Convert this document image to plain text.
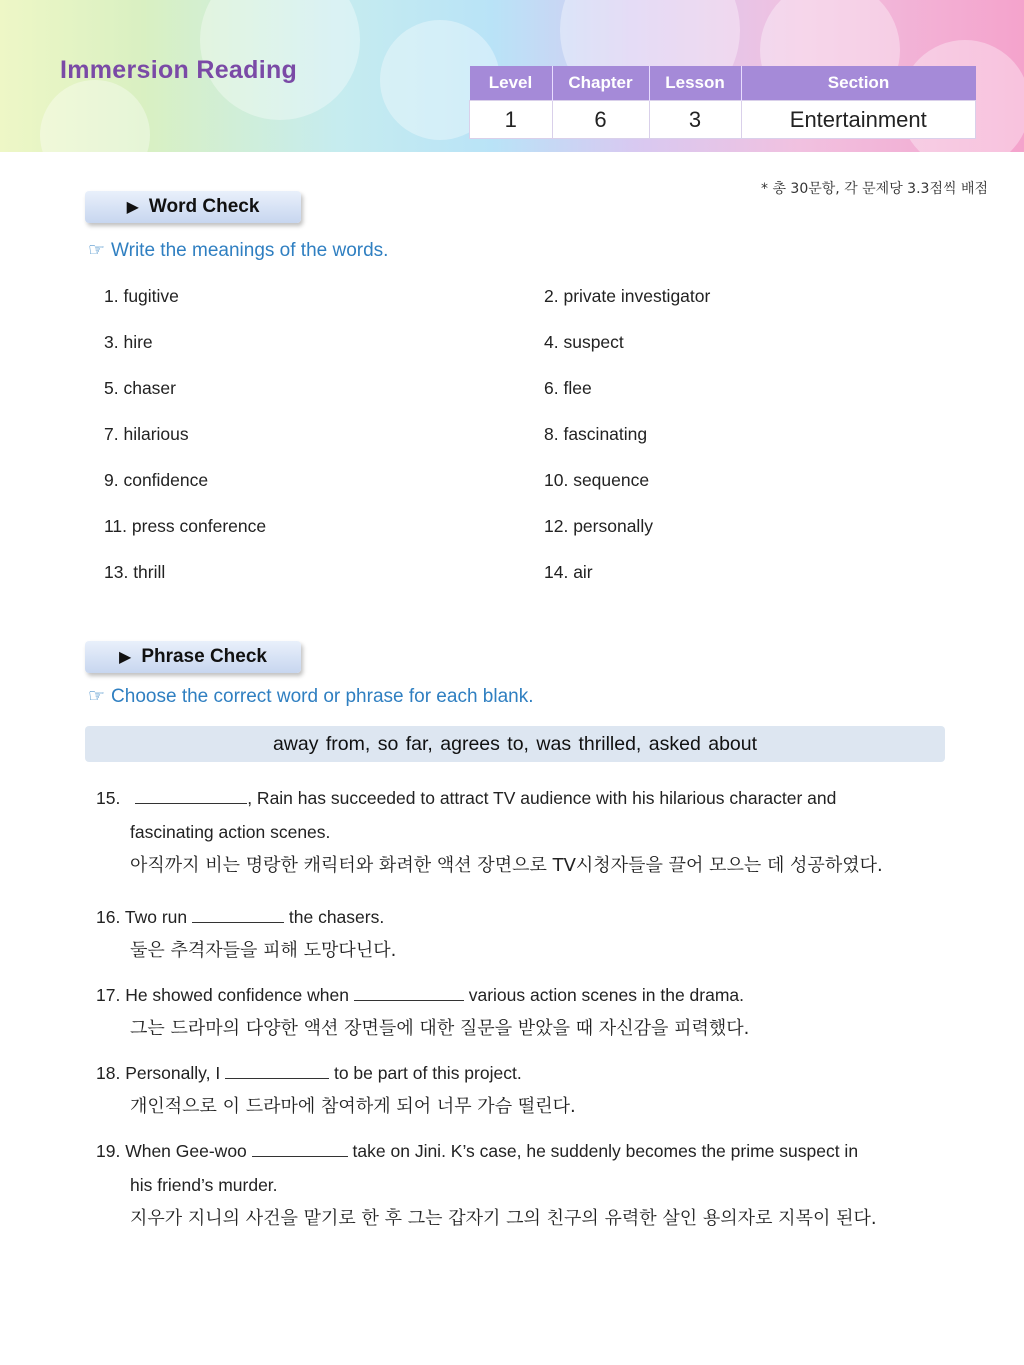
Immersion Reading	Level	Chapter	Lesson	Section
1	6	3	Entertainment
* 총 30문항, 각 문제당 3.3점씩 배점
▶ Word Check
☞ Write the meanings of the words.
1. fugitive	2. private investigator
3. hire	4. suspect
5. chaser	6. flee
7. hilarious	8. fascinating
9. confidence	10. sequence
11. press conference	12. personally
13. thrill	14. air
▶ Phrase Check
☞ Choose the correct word or phrase for each blank.
away from, so far, agrees to, was thrilled, asked about
15.	, Rain has succeeded to attract TV audience with his hilarious character and
fascinating action scenes.
아직까지 비는 명랑한 캐릭터와 화려한 액션 장면으로 TV시청자들을 끌어 모으는 데 성공하였다.
16. Two run	the chasers.
둘은 추격자들을 피해 도망다닌다.
17. He showed confidence when	various action scenes in the drama.
그는 드라마의 다양한 액션 장면들에 대한 질문을 받았을 때 자신감을 피력했다.
18. Personally, I	to be part of this project.
개인적으로 이 드라마에 참여하게 되어 너무 가슴 떨린다.
19. When Gee-woo	take on Jini. K’s case, he suddenly becomes the prime suspect in
his friend’s murder.
지우가 지니의 사건을 맡기로 한 후 그는 갑자기 그의 친구의 유력한 살인 용의자로 지목이 된다.
